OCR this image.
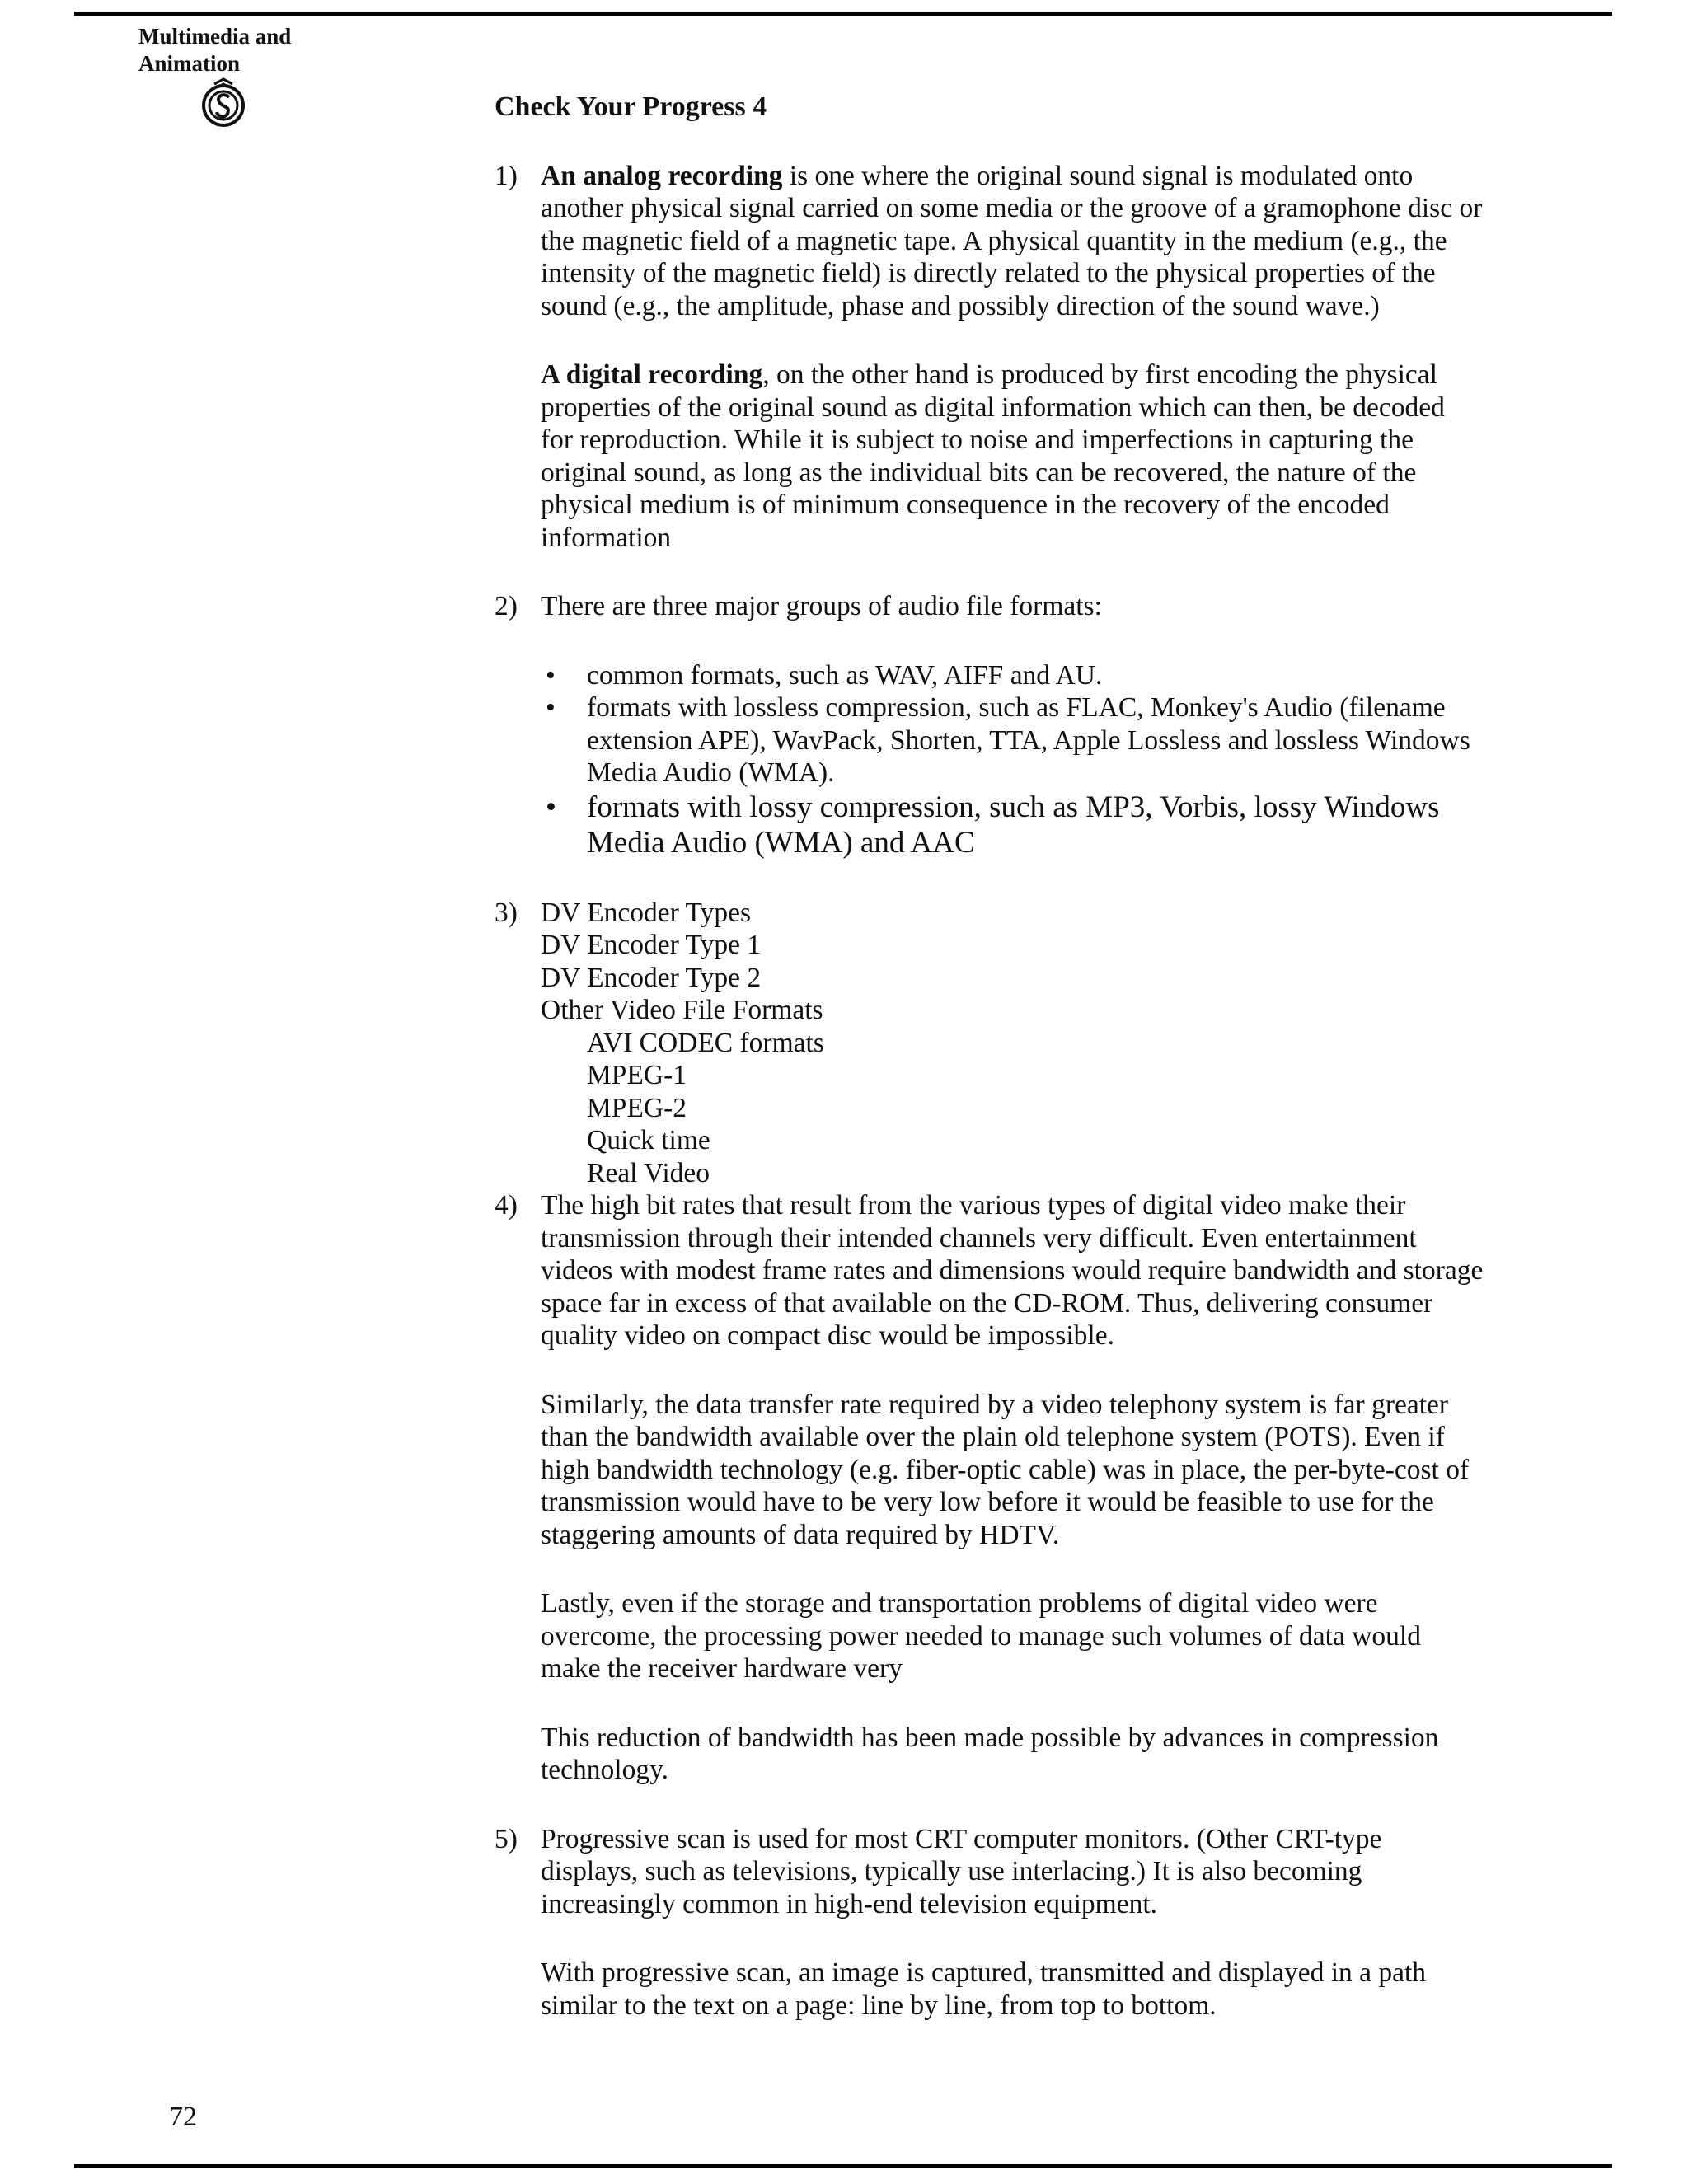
Multimedia and
Animation
Check Your Progress 4
1) An analog recording is one where the original sound signal is modulated onto another physical signal carried on some media or the groove of a gramophone disc or the magnetic field of a magnetic tape. A physical quantity in the medium (e.g., the intensity of the magnetic field) is directly related to the physical properties of the sound (e.g., the amplitude, phase and possibly direction of the sound wave.)

A digital recording, on the other hand is produced by first encoding the physical properties of the original sound as digital information which can then, be decoded for reproduction. While it is subject to noise and imperfections in capturing the original sound, as long as the individual bits can be recovered, the nature of the physical medium is of minimum consequence in the recovery of the encoded information

2) There are three major groups of audio file formats:

• common formats, such as WAV, AIFF and AU.
• formats with lossless compression, such as FLAC, Monkey's Audio (filename extension APE), WavPack, Shorten, TTA, Apple Lossless and lossless Windows Media Audio (WMA).
• formats with lossy compression, such as MP3, Vorbis, lossy Windows Media Audio (WMA) and AAC
3) DV Encoder Types
DV Encoder Type 1
DV Encoder Type 2
Other Video File Formats
AVI CODEC formats
MPEG-1
MPEG-2
Quick time
Real Video
4) The high bit rates that result from the various types of digital video make their transmission through their intended channels very difficult. Even entertainment videos with modest frame rates and dimensions would require bandwidth and storage space far in excess of that available on the CD-ROM. Thus, delivering consumer quality video on compact disc would be impossible.

Similarly, the data transfer rate required by a video telephony system is far greater than the bandwidth available over the plain old telephone system (POTS). Even if high bandwidth technology (e.g. fiber-optic cable) was in place, the per-byte-cost of transmission would have to be very low before it would be feasible to use for the staggering amounts of data required by HDTV.

Lastly, even if the storage and transportation problems of digital video were overcome, the processing power needed to manage such volumes of data would make the receiver hardware very

This reduction of bandwidth has been made possible by advances in compression technology.

5) Progressive scan is used for most CRT computer monitors. (Other CRT-type displays, such as televisions, typically use interlacing.) It is also becoming increasingly common in high-end television equipment.

With progressive scan, an image is captured, transmitted and displayed in a path similar to the text on a page: line by line, from top to bottom.

72
